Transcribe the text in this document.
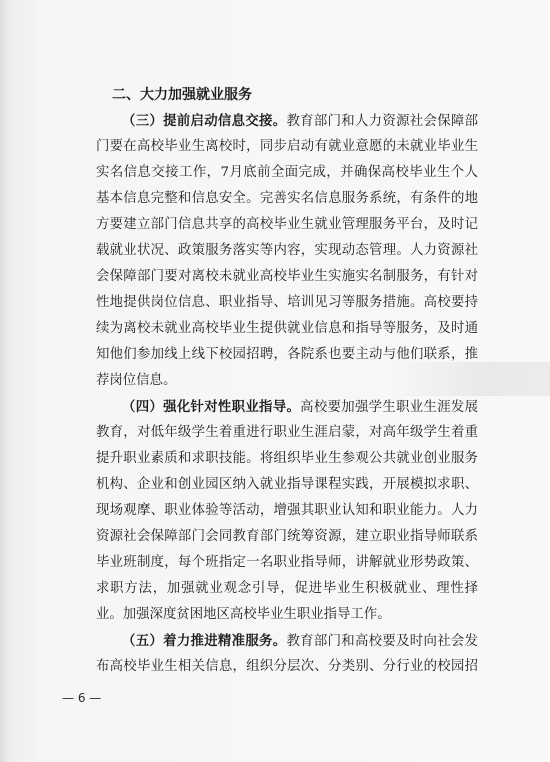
二、大力加强就业服务
（三）提前启动信息交接。教育部门和人力资源社会保障部
门要在高校毕业生离校时，同步启动有就业意愿的未就业毕业生
实名信息交接工作，7月底前全面完成，并确保高校毕业生个人
基本信息完整和信息安全。完善实名信息服务系统，有条件的地
方要建立部门信息共享的高校毕业生就业管理服务平台，及时记
载就业状况、政策服务落实等内容，实现动态管理。人力资源社
会保障部门要对离校未就业高校毕业生实施实名制服务，有针对
性地提供岗位信息、职业指导、培训见习等服务措施。高校要持
续为离校未就业高校毕业生提供就业信息和指导等服务，及时通
知他们参加线上线下校园招聘，各院系也要主动与他们联系，推
荐岗位信息。
（四）强化针对性职业指导。高校要加强学生职业生涯发展
教育，对低年级学生着重进行职业生涯启蒙，对高年级学生着重
提升职业素质和求职技能。将组织毕业生参观公共就业创业服务
机构、企业和创业园区纳入就业指导课程实践，开展模拟求职、
现场观摩、职业体验等活动，增强其职业认知和职业能力。人力
资源社会保障部门会同教育部门统筹资源，建立职业指导师联系
毕业班制度，每个班指定一名职业指导师，讲解就业形势政策、
求职方法，加强就业观念引导，促进毕业生积极就业、理性择
业。加强深度贫困地区高校毕业生职业指导工作。
（五）着力推进精准服务。教育部门和高校要及时向社会发
布高校毕业生相关信息，组织分层次、分类别、分行业的校园招
— 6 —
